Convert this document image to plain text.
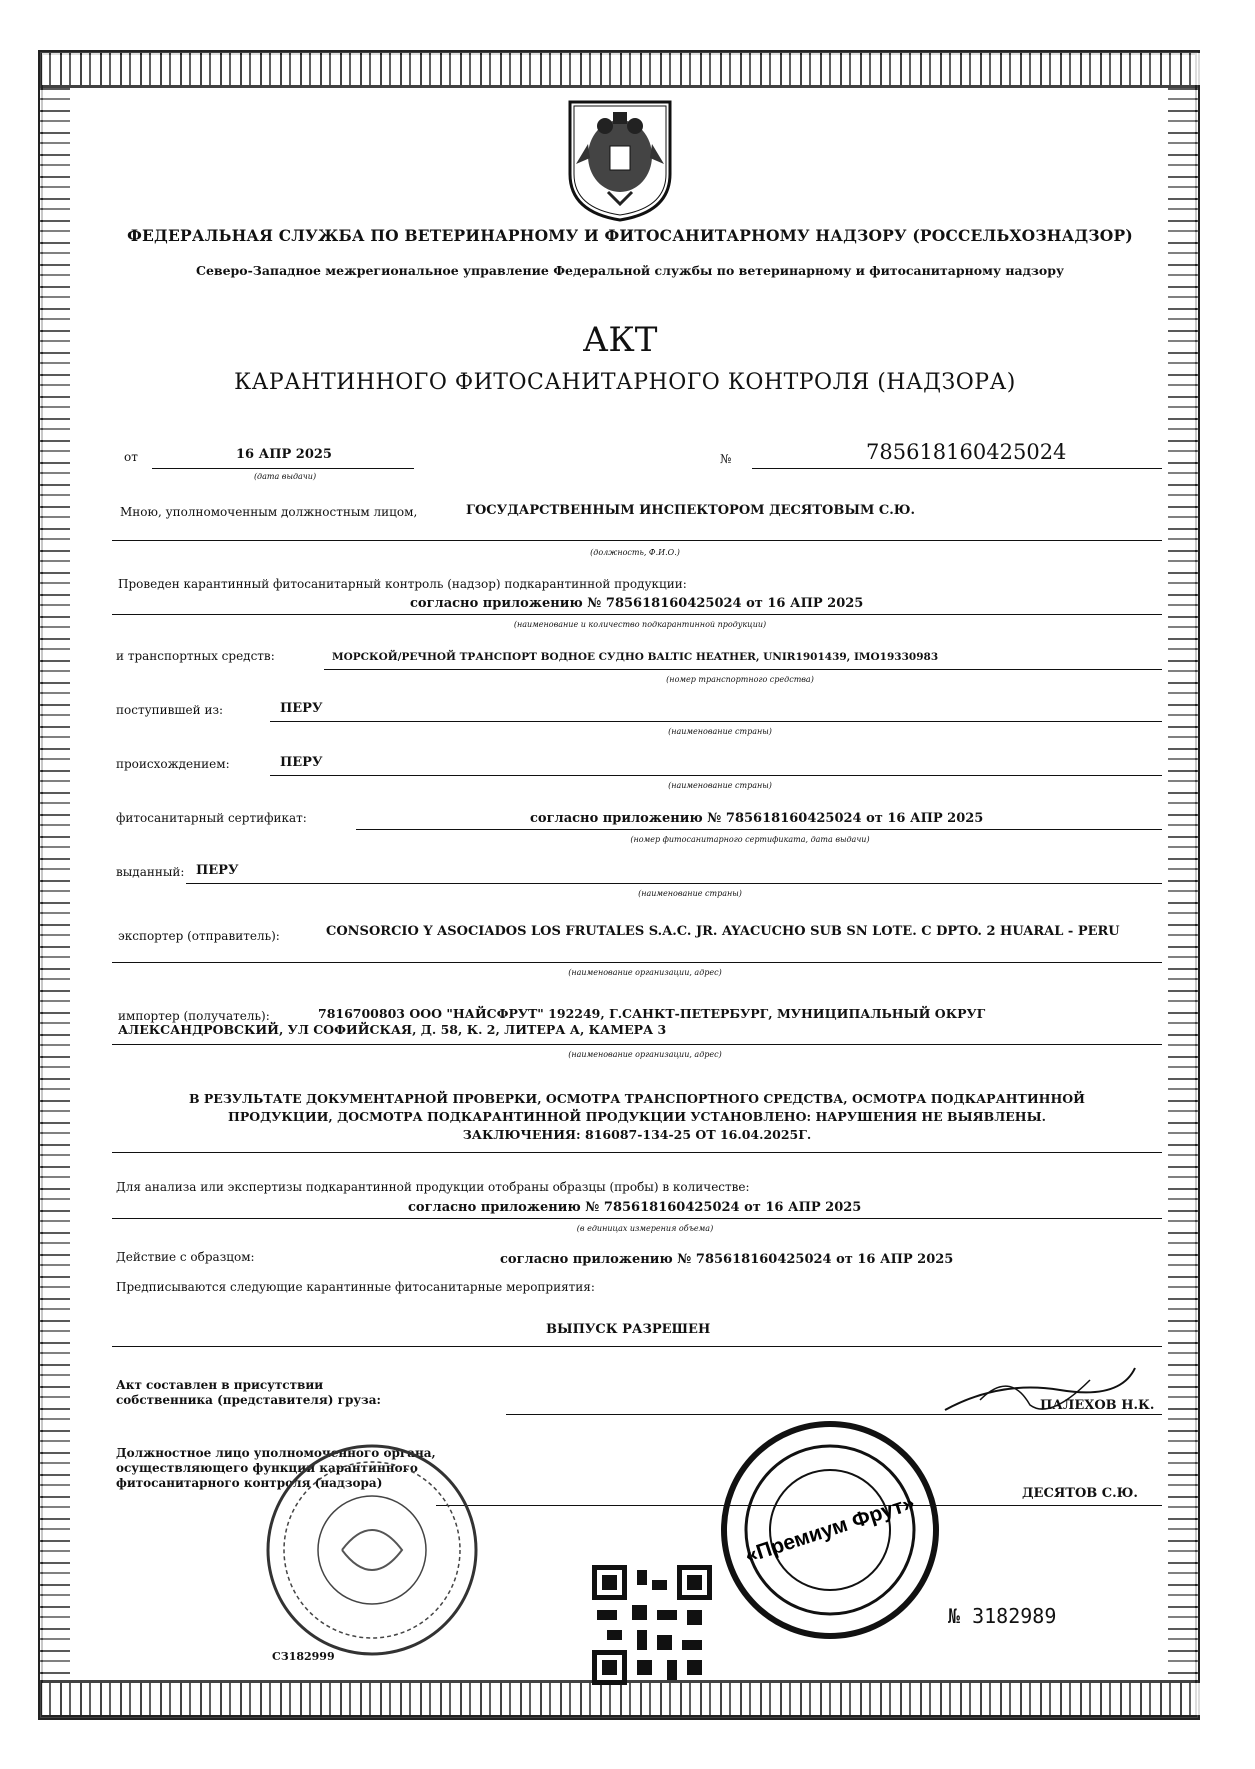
ФЕДЕРАЛЬНАЯ СЛУЖБА ПО ВЕТЕРИНАРНОМУ И ФИТОСАНИТАРНОМУ НАДЗОРУ (РОССЕЛЬХОЗНАДЗОР)
Северо-Западное межрегиональное управление Федеральной службы по ветеринарному и фитосанитарному надзору
АКТ
КАРАНТИННОГО ФИТОСАНИТАРНОГО КОНТРОЛЯ (НАДЗОРА)
от	16 АПР 2025
(дата выдачи)
№	785618160425024
Мною, уполномоченным должностным лицом,	ГОСУДАРСТВЕННЫМ ИНСПЕКТОРОМ ДЕСЯТОВЫМ С.Ю.
(должность, Ф.И.О.)
Проведен карантинный фитосанитарный контроль (надзор) подкарантинной продукции:
согласно приложению № 785618160425024 от 16 АПР 2025
(наименование и количество подкарантинной продукции)
и транспортных средств:	МОРСКОЙ/РЕЧНОЙ ТРАНСПОРТ ВОДНОЕ СУДНО BALTIC HEATHER, UNIR1901439, IMO19330983
(номер транспортного средства)
поступившей из:	ПЕРУ
(наименование страны)
происхождением:	ПЕРУ
(наименование страны)
фитосанитарный сертификат:	согласно приложению № 785618160425024 от 16 АПР 2025
(номер фитосанитарного сертификата, дата выдачи)
выданный: ПЕРУ
(наименование страны)
экспортер (отправитель):	CONSORCIO Y ASOCIADOS LOS FRUTALES S.A.C. JR. AYACUCHO SUB SN LOTE. C DPTO. 2 HUARAL - PERU
(наименование организации, адрес)
импортер (получатель):	7816700803 ООО "НАЙСФРУТ" 192249, Г.САНКТ-ПЕТЕРБУРГ, МУНИЦИПАЛЬНЫЙ ОКРУГ АЛЕКСАНДРОВСКИЙ, УЛ СОФИЙСКАЯ, Д. 58, К. 2, ЛИТЕРА А, КАМЕРА 3
(наименование организации, адрес)
В РЕЗУЛЬТАТЕ ДОКУМЕНТАРНОЙ ПРОВЕРКИ, ОСМОТРА ТРАНСПОРТНОГО СРЕДСТВА, ОСМОТРА ПОДКАРАНТИННОЙ
ПРОДУКЦИИ, ДОСМОТРА ПОДКАРАНТИННОЙ ПРОДУКЦИИ УСТАНОВЛЕНО: НАРУШЕНИЯ НЕ ВЫЯВЛЕНЫ.
ЗАКЛЮЧЕНИЯ: 816087-134-25 ОТ 16.04.2025Г.
Для анализа или экспертизы подкарантинной продукции отобраны образцы (пробы) в количестве:
согласно приложению № 785618160425024 от 16 АПР 2025
(в единицах измерения объема)
Действие с образцом:	согласно приложению № 785618160425024 от 16 АПР 2025
Предписываются следующие карантинные фитосанитарные мероприятия:
ВЫПУСК РАЗРЕШЕН
Акт составлен в присутствии
собственника (представителя) груза:	ПАЛЕХОВ Н.К.
Должностное лицо уполномоченного органа,
осуществляющего функции карантинного
фитосанитарного контроля (надзора)
ДЕСЯТОВ С.Ю.
«Премиум Фрут»
№ 3182989
СЗ182999
